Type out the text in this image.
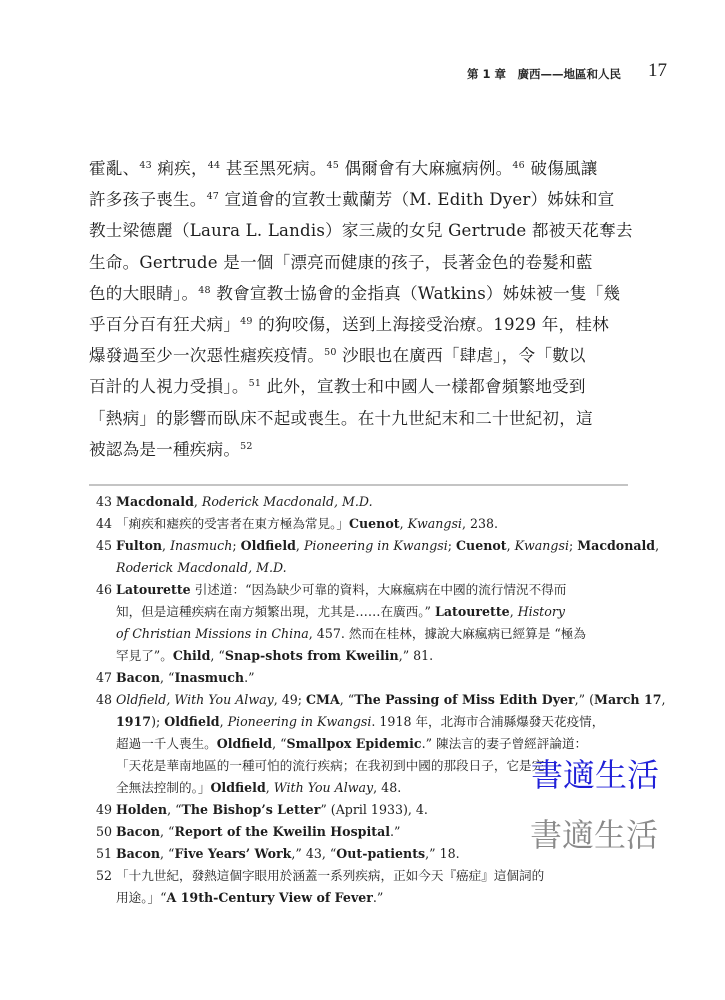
第 1 章　廣西——地區和人民 17
霍亂、$^{43}$ 痢疾，$^{44}$ 甚至黑死病。$^{45}$ 偶爾會有大麻瘋病例。$^{46}$ 破傷風讓
許多孩子喪生。$^{47}$ 宣道會的宣教士戴蘭芳（M. Edith Dyer）姊妹和宣
教士梁德麗（Laura L. Landis）家三歲的女兒 Gertrude 都被天花奪去
生命。Gertrude 是一個「漂亮而健康的孩子，長著金色的卷髮和藍
色的大眼睛」。$^{48}$ 教會宣教士協會的金指真（Watkins）姊妹被一隻「幾
乎百分百有狂犬病」$^{49}$ 的狗咬傷，送到上海接受治療。1929 年，桂林
爆發過至少一次惡性瘧疾疫情。$^{50}$ 沙眼也在廣西「肆虐」，令「數以
百計的人視力受損」。$^{51}$ 此外，宣教士和中國人一樣都會頻繁地受到
「熱病」的影響而臥床不起或喪生。在十九世紀末和二十世紀初，這
被認為是一種疾病。$^{52}$
43 Macdonald, Roderick Macdonald, M.D.
44 「痢疾和瘧疾的受害者在東方極為常見。」Cuenot, Kwangsi, 238.
45 Fulton, Inasmuch; Oldfield, Pioneering in Kwangsi; Cuenot, Kwangsi; Macdonald,
Roderick Macdonald, M.D.
46 Latourette 引述道：“因為缺少可靠的資料，大麻瘋病在中國的流行情況不得而
知，但是這種疾病在南方頻繁出現，尤其是……在廣西。” Latourette, History
of Christian Missions in China, 457. 然而在桂林，據說大麻瘋病已經算是 “極為
罕見了”。Child, “Snap-shots from Kweilin,” 81.
47 Bacon, “Inasmuch.”
48 Oldfield, With You Alway, 49; CMA, “The Passing of Miss Edith Dyer,” (March 17,
1917); Oldfield, Pioneering in Kwangsi. 1918 年，北海市合浦縣爆發天花疫情，
超過一千人喪生。Oldfield, “Smallpox Epidemic.” 陳法言的妻子曾經評論道：
「天花是華南地區的一種可怕的流行疾病；在我初到中國的那段日子，它是完
全無法控制的。」Oldfield, With You Alway, 48.
49 Holden, “The Bishop’s Letter” (April 1933), 4.
50 Bacon, “Report of the Kweilin Hospital.”
51 Bacon, “Five Years’ Work,” 43, “Out-patients,” 18.
52 「十九世紀，發熱這個字眼用於涵蓋一系列疾病，正如今天『癌症』這個詞的
用途。」“A 19th-Century View of Fever.”
書適生活
書適生活
